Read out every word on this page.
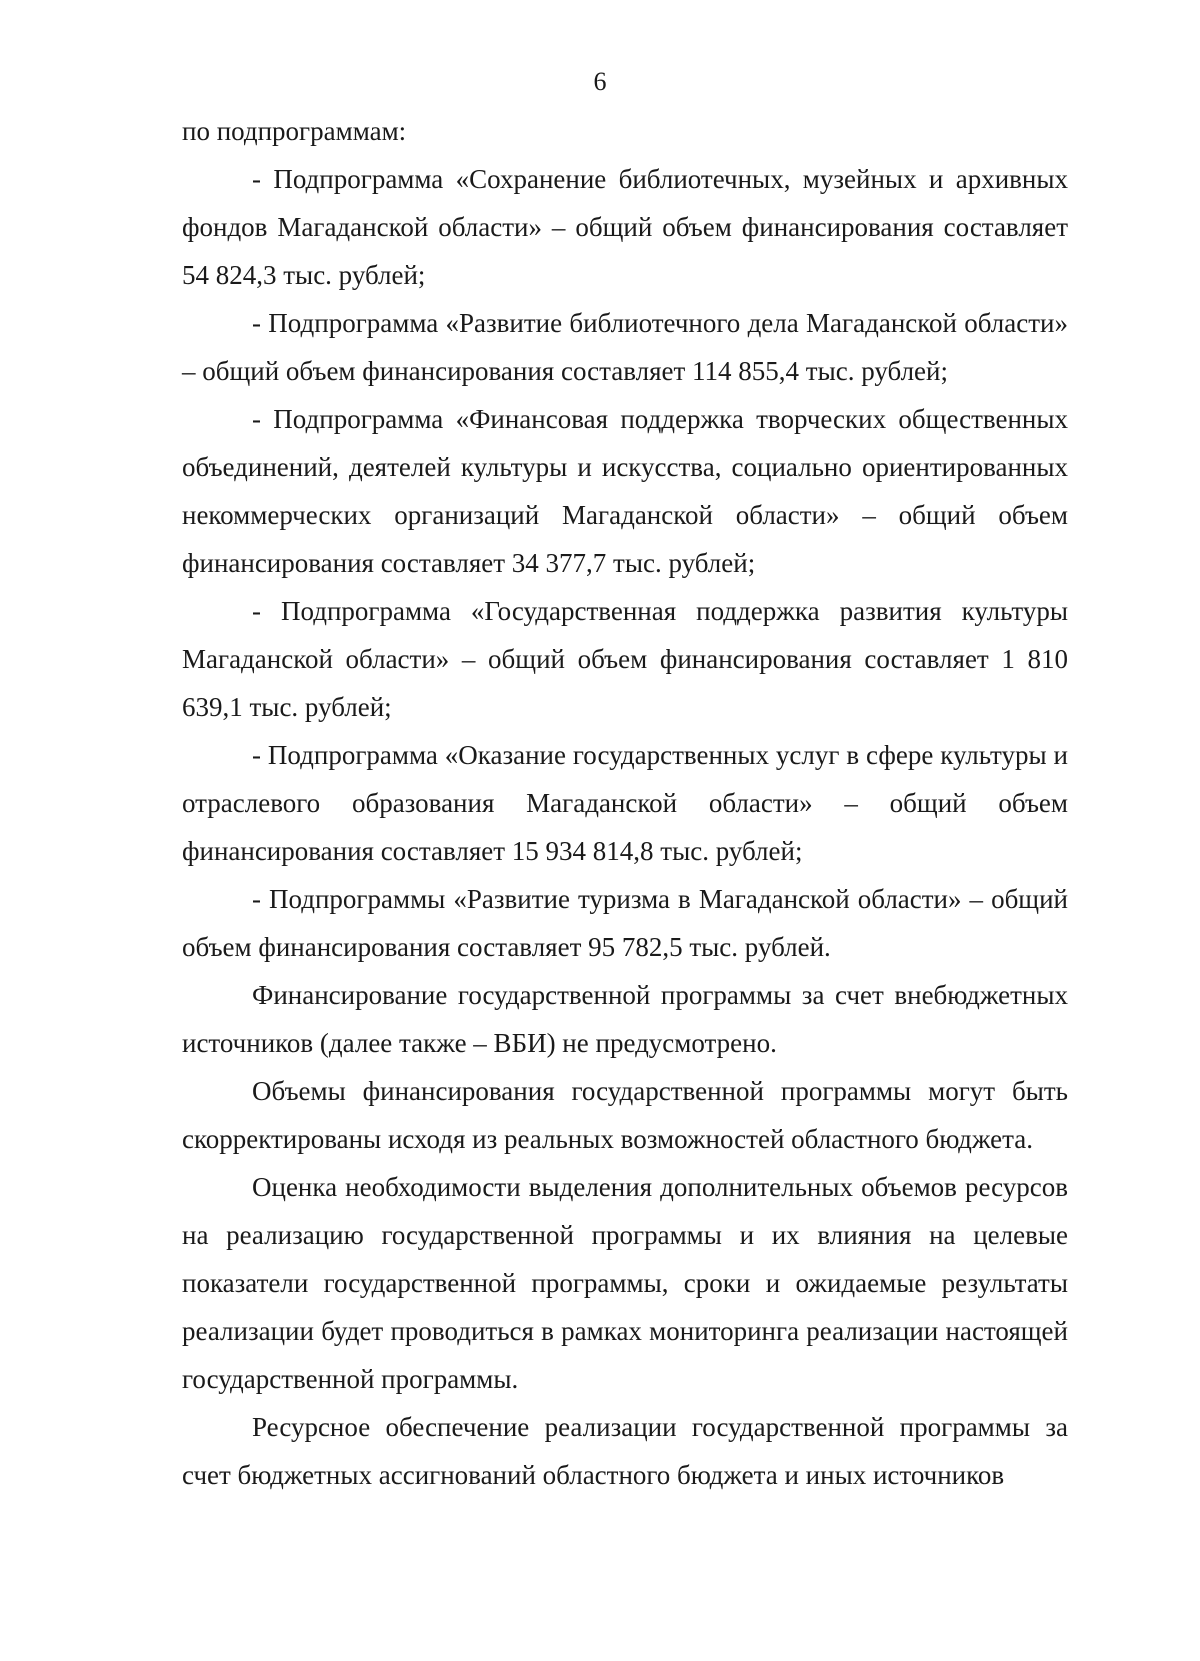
6

по подпрограммам:

- Подпрограмма «Сохранение библиотечных, музейных и архивных фондов Магаданской области» – общий объем финансирования составляет 54 824,3 тыс. рублей;

- Подпрограмма «Развитие библиотечного дела Магаданской области» – общий объем финансирования составляет 114 855,4 тыс. рублей;

- Подпрограмма «Финансовая поддержка творческих общественных объединений, деятелей культуры и искусства, социально ориентированных некоммерческих организаций Магаданской области» – общий объем финансирования составляет 34 377,7 тыс. рублей;

- Подпрограмма «Государственная поддержка развития культуры Магаданской области» – общий объем финансирования составляет 1 810 639,1 тыс. рублей;

- Подпрограмма «Оказание государственных услуг в сфере культуры и отраслевого образования Магаданской области» – общий объем финансирования составляет 15 934 814,8 тыс. рублей;

- Подпрограммы «Развитие туризма в Магаданской области» – общий объем финансирования составляет 95 782,5 тыс. рублей.

Финансирование государственной программы за счет внебюджетных источников (далее также – ВБИ) не предусмотрено.

Объемы финансирования государственной программы могут быть скорректированы исходя из реальных возможностей областного бюджета.

Оценка необходимости выделения дополнительных объемов ресурсов на реализацию государственной программы и их влияния на целевые показатели государственной программы, сроки и ожидаемые результаты реализации будет проводиться в рамках мониторинга реализации настоящей государственной программы.

Ресурсное обеспечение реализации государственной программы за счет бюджетных ассигнований областного бюджета и иных источников
